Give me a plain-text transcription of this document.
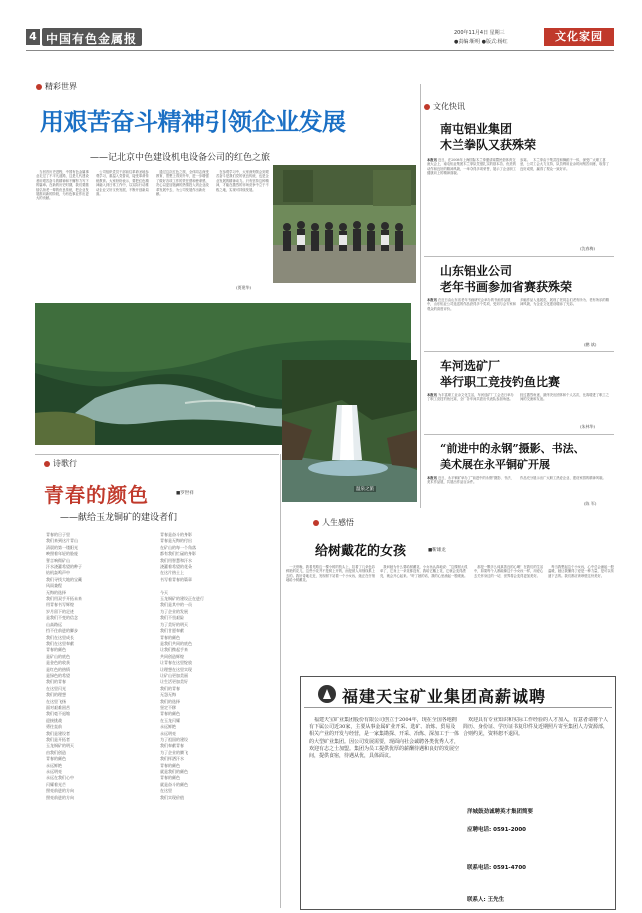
4 中国有色金属报	200年11月4日 星期三
●责编:靳明 ●版式:杨红	文化家园
精彩世界
用艰苦奋斗精神引领企业发展
——记北京中色建设机电设备公司的红色之旅
  当回首历史进程，中国有色金属事业走过了不平凡道路，这是几代建设者用艰苦奋斗的精神和不懈努力写下的篇章。在新的历史时期，我们要继续弘扬老一辈的优良传统，把企业发展推向新的阶段，为有色事业作出更大的贡献。
  公司组织党员干部前往革命圣地参观学习，重温入党誓词，接受革命传统教育。大家纷纷表示，要把红色精神融入到日常工作中，以实际行动推动企业又好又快发展，不断开创新局面。
  通过这次红色之旅，全体同志深受教育，思想上得到升华，进一步增强了做好各项工作的责任感和使命感，决心以更加饱满的热情投入到企业改革发展中去，为公司发展作出新贡献。
  在参观学习中，大家深刻领会到艰苦奋斗是我们党的优良传统，也是企业发展的精神动力。只有坚持这种精神，才能在激烈的市场竞争中立于不败之地，实现可持续发展。
(贾建华)
文化快讯
南屯铝业集团
木兰拳队又获殊荣
本报讯 近日，在2008年上海国际木兰拳邀请赛暨民俗体育交流大会上，南屯铝业集团木兰拳队凭借扎实的基本功、优美的动作和良好的精神风貌，一举夺得多项荣誉，展示了企业职工健康向上的精神面貌。
参赛。  木兰拳由于集武技和舞蹈于一体，深受广大职工喜爱，公司工会大力支持，队员利用业余时间刻苦训练，取得了良好成绩，赢得了观众一致好评。
(沈春梅)
山东铝业公司
老年书画参加省赛获殊荣
本报讯 在近日由山东省老年书画研究会举办的书画作品展中，山东铝业公司选送的作品获得多个奖项，受到与会专家和观众的高度评价。
多幅作品入选展览，展现了老同志们老有所为、老有所乐的精神风貌，为企业文化建设增添了光彩。
(鹏 斌)
车河选矿厂
举行职工竞技钓鱼比赛
本报讯 为丰富职工业余文化生活，车河选矿厂工会近日举办了职工竞技钓鱼比赛，全厂各车间共派出代表队参加角逐。
经过激烈角逐，最终决出团体和个人名次，比赛增进了职工之间的交流和友谊。
(朱林华)
“前进中的永钢”摄影、书法、
美术展在永平铜矿开展
本报讯 近日，永平铜矿举办了“前进中的永钢”摄影、书法、美术作品展，共展出作品百余件。
作品充分展示出广大职工热爱企业、建设家园的精神风貌。
(陈 军)
温泉之旅
诗歌行
青春的颜色	■罗世祥
——献给玉龙铜矿的建设者们
青春的日子里
我们来到这片青山
清晨的第一缕阳光
映照着年轻的脸庞
誓言响彻矿山
汗水浇灌希望的种子
钻机轰鸣声中
我们寻找大地的宝藏
风雨兼程
无悔的选择
我们用双手开拓未来
用青春书写辉煌
岁月留下的足迹
是我们不变的信念
山高路远
挡不住前进的脚步
我们在这里成长
我们在这里奉献
青春的颜色
是矿山的底色
是金色的收获
是红色的热情
是绿色的希望
我们的青春
在这里闪光
我们的理想
在这里飞扬
面对艰难困苦
我们毫不退缩
迎接挑战
勇往直前
我们是建设者
我们是开拓者
玉龙铜矿的明天
由我们创造
青春的颜色
永远鲜艳
永远明亮
永远在我们心中
闪耀着光芒
照亮前进的方向
照亮前进的方向
青春是奋斗的身影
青春是无悔的付出
在矿山的每一个角落
都有我们忙碌的身影
我们用智慧和汗水
浇灌着希望的花朵
在这片热土上
书写着青春的篇章

今天
玉龙铜矿的建设正在进行
我们是其中的一员
为了企业的发展
我们不畏艰险
为了美好的明天
我们甘愿奉献
青春的颜色
是我们共同的底色
让我们携起手来
共同创造辉煌
让青春在这里绽放
让理想在这里实现
让矿山更加美丽
让生活更加美好
我们的青春
无怨无悔
我们的选择
坚定不移
青春的颜色
在玉龙闪耀
永远鲜艳
永远明亮
为了祖国的建设
我们奉献青春
为了企业的腾飞
我们挥洒汗水
青春的颜色
就是我们的颜色
青春的颜色
就是奋斗的颜色
在这里
我们实现价值
人生感悟
给树戴花的女孩	■靳雄龙
  一天傍晚，我看见路边一棵小树的枝头上，挂着了几朵色彩鲜艳的花儿，这些小花并不是树上开的，而是被人用细线系上去的。我好奇地走近，发现树下站着一个小女孩，她正在仔细地给小树戴花。
  我问她为什么要给树戴花，小女孩认真地说：“这棵树太孤单了，它身上一朵花都没有，我给它戴上花，它就会变得漂亮，就会开心起来。”听了她的话，我的心里涌起一股暖流。
  那是一颗多么纯真善良的心啊！在我们的生活中，如果每个人都能像这个小女孩一样，用爱心去关怀身边的一切，世界将会变得更加美好。
  每当我想起这个小女孩，心中总会涌起一股温暖，她让我懂得了爱是一种力量，是可以传递下去的。我们都应该珍惜这份美好。
福建天宝矿业集团高薪诚聘
  福建天宝矿业集团股份有限公司创立于2004年，现在全国各地拥有下属公司近30家，主要从事金属矿业开采、选矿、冶炼、贸易及相关产业的开发与经营，是一家集勘探、开采、冶炼、深加工于一体的大型矿业集团。因公司发展需要，现面向社会诚聘各类优秀人才，欢迎有志之士加盟。集团为员工提供优厚的薪酬待遇和良好的发展空间，提供食宿，待遇从优，具体面议。
  欢迎具有专业知识和实际工作经验的人才加入，有意者请将个人简历、身份证、学历证书复印件及近期照片寄至集团人力资源部，合则约见，资料恕不退回。
洋城鼓劲诚聘英才集团简要
应聘电话: 0591-2000
联系电话: 0591-4700
联系人: 王先生
